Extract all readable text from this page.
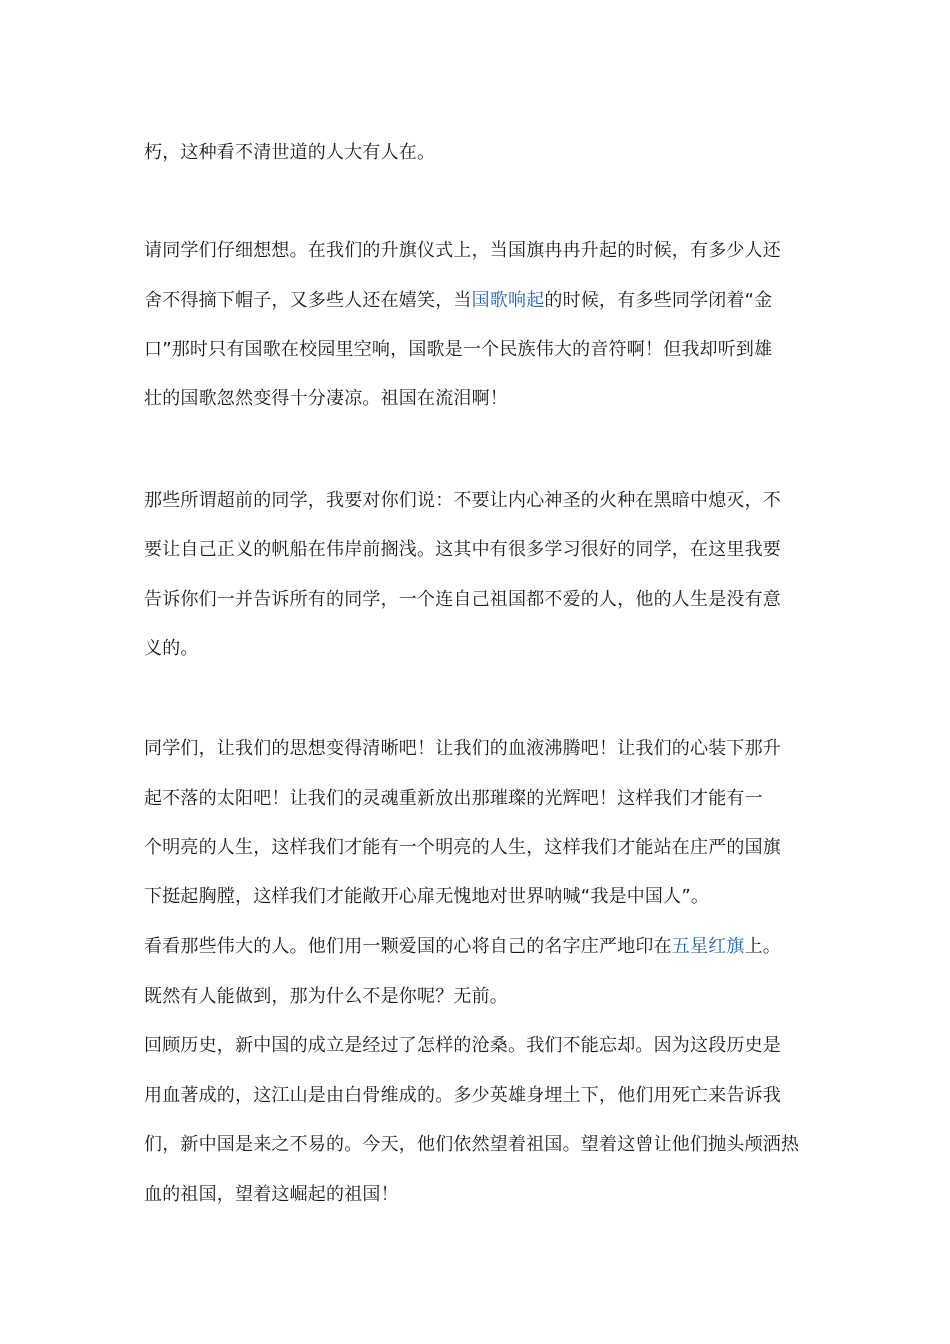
朽，这种看不清世道的人大有人在。
请同学们仔细想想。在我们的升旗仪式上，当国旗冉冉升起的时候，有多少人还
舍不得摘下帽子，又多些人还在嬉笑，当国歌响起的时候，有多些同学闭着“金
口”那时只有国歌在校园里空响，国歌是一个民族伟大的音符啊！但我却听到雄
壮的国歌忽然变得十分凄凉。祖国在流泪啊！
那些所谓超前的同学，我要对你们说：不要让内心神圣的火种在黑暗中熄灭，不
要让自己正义的帆船在伟岸前搁浅。这其中有很多学习很好的同学，在这里我要
告诉你们一并告诉所有的同学，一个连自己祖国都不爱的人，他的人生是没有意
义的。
同学们，让我们的思想变得清晰吧！让我们的血液沸腾吧！让我们的心装下那升
起不落的太阳吧！让我们的灵魂重新放出那璀璨的光辉吧！这样我们才能有一
个明亮的人生，这样我们才能有一个明亮的人生，这样我们才能站在庄严的国旗
下挺起胸膛，这样我们才能敞开心扉无愧地对世界呐喊“我是中国人”。
看看那些伟大的人。他们用一颗爱国的心将自己的名字庄严地印在五星红旗上。
既然有人能做到，那为什么不是你呢？无前。
回顾历史，新中国的成立是经过了怎样的沧桑。我们不能忘却。因为这段历史是
用血著成的，这江山是由白骨维成的。多少英雄身埋土下，他们用死亡来告诉我
们，新中国是来之不易的。今天，他们依然望着祖国。望着这曾让他们抛头颅洒热
血的祖国，望着这崛起的祖国！
